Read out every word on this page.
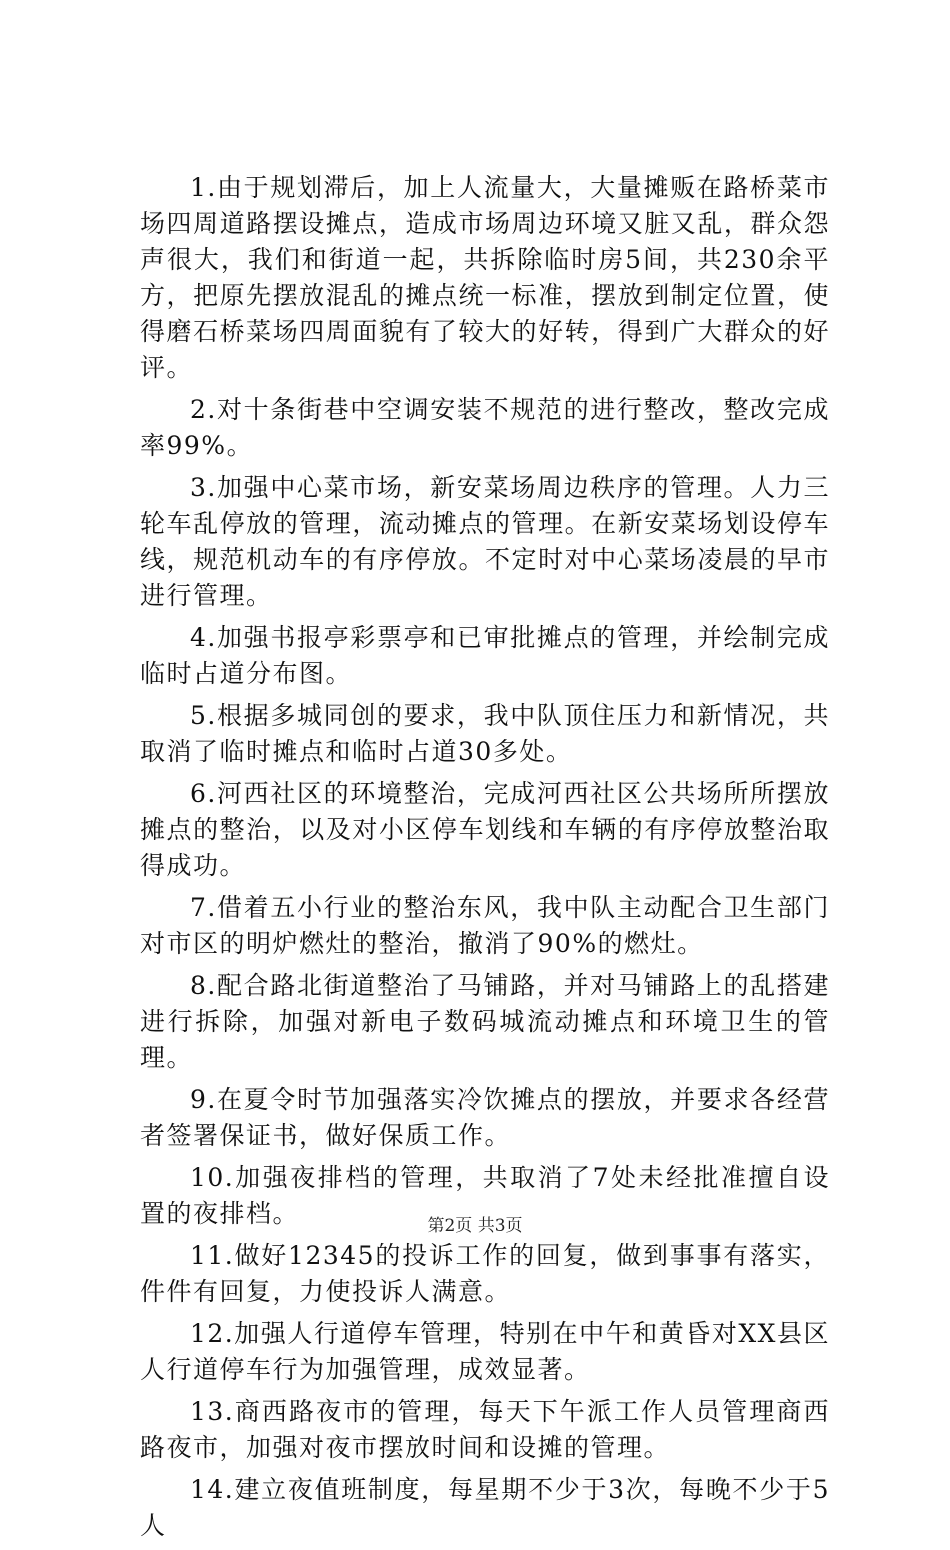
1.由于规划滞后，加上人流量大，大量摊贩在路桥菜市场四周道路摆设摊点，造成市场周边环境又脏又乱，群众怨声很大，我们和街道一起，共拆除临时房5间，共230余平方，把原先摆放混乱的摊点统一标准，摆放到制定位置，使得磨石桥菜场四周面貌有了较大的好转，得到广大群众的好评。

2.对十条街巷中空调安装不规范的进行整改，整改完成率99%。

3.加强中心菜市场，新安菜场周边秩序的管理。人力三轮车乱停放的管理，流动摊点的管理。在新安菜场划设停车线，规范机动车的有序停放。不定时对中心菜场凌晨的早市进行管理。

4.加强书报亭彩票亭和已审批摊点的管理，并绘制完成临时占道分布图。

5.根据多城同创的要求，我中队顶住压力和新情况，共取消了临时摊点和临时占道30多处。

6.河西社区的环境整治，完成河西社区公共场所所摆放摊点的整治，以及对小区停车划线和车辆的有序停放整治取得成功。

7.借着五小行业的整治东风，我中队主动配合卫生部门对市区的明炉燃灶的整治，撤消了90%的燃灶。

8.配合路北街道整治了马铺路，并对马铺路上的乱搭建进行拆除，加强对新电子数码城流动摊点和环境卫生的管理。

9.在夏令时节加强落实冷饮摊点的摆放，并要求各经营者签署保证书，做好保质工作。

10.加强夜排档的管理，共取消了7处未经批准擅自设置的夜排档。

11.做好12345的投诉工作的回复，做到事事有落实，件件有回复，力使投诉人满意。

12.加强人行道停车管理，特别在中午和黄昏对XX县区人行道停车行为加强管理，成效显著。

13.商西路夜市的管理，每天下午派工作人员管理商西路夜市，加强对夜市摆放时间和设摊的管理。

14.建立夜值班制度，每星期不少于3次，每晚不少于5人

第2页 共3页
